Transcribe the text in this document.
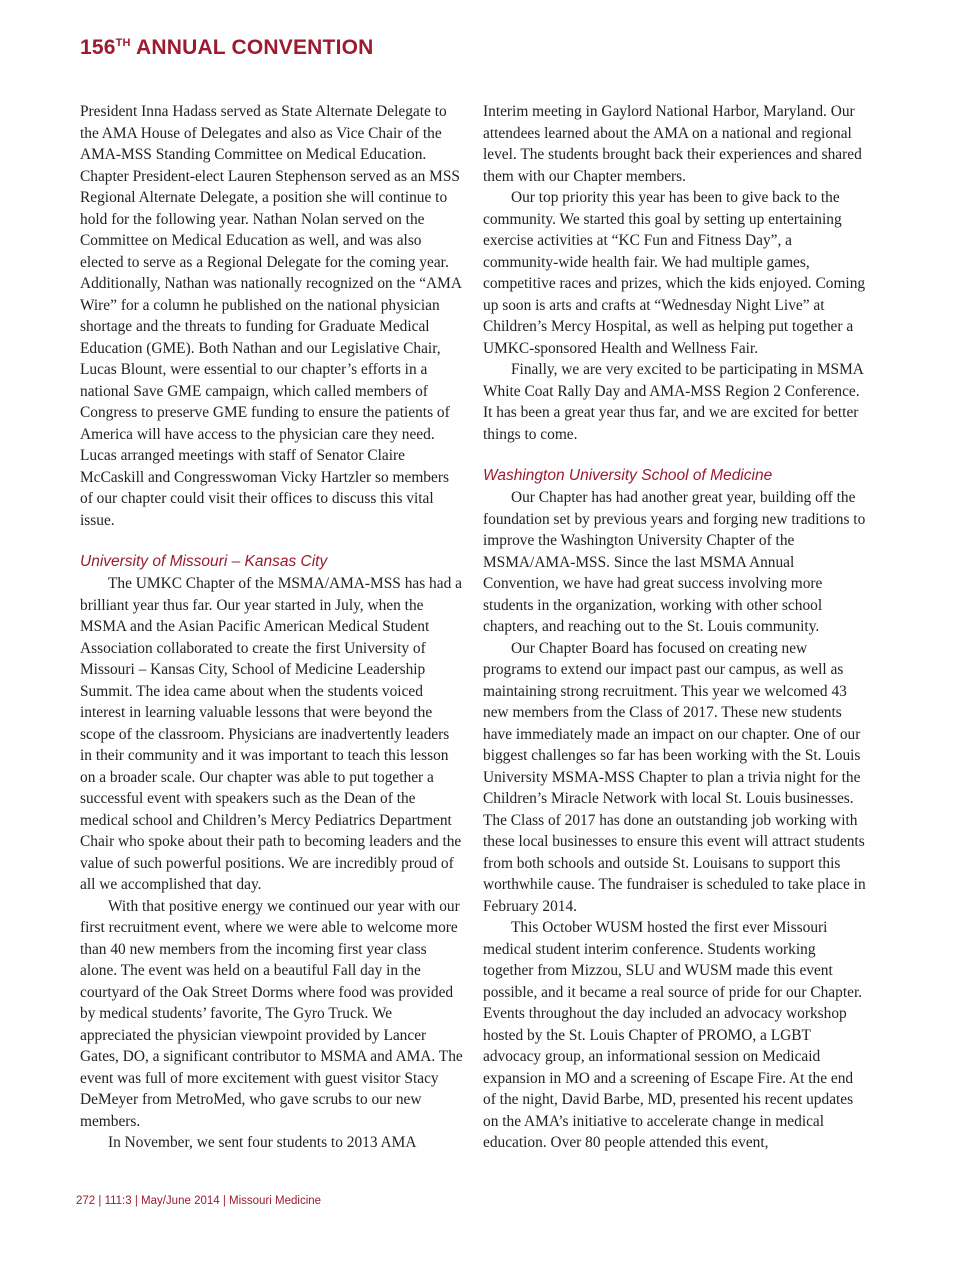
156TH ANNUAL CONVENTION

President Inna Hadass served as State Alternate Delegate to the AMA House of Delegates and also as Vice Chair of the AMA-MSS Standing Committee on Medical Education. Chapter President-elect Lauren Stephenson served as an MSS Regional Alternate Delegate, a position she will continue to hold for the following year. Nathan Nolan served on the Committee on Medical Education as well, and was also elected to serve as a Regional Delegate for the coming year. Additionally, Nathan was nationally recognized on the “AMA Wire” for a column he published on the national physician shortage and the threats to funding for Graduate Medical Education (GME). Both Nathan and our Legislative Chair, Lucas Blount, were essential to our chapter’s efforts in a national Save GME campaign, which called members of Congress to preserve GME funding to ensure the patients of America will have access to the physician care they need. Lucas arranged meetings with staff of Senator Claire McCaskill and Congresswoman Vicky Hartzler so members of our chapter could visit their offices to discuss this vital issue.

University of Missouri – Kansas City

The UMKC Chapter of the MSMA/AMA-MSS has had a brilliant year thus far. Our year started in July, when the MSMA and the Asian Pacific American Medical Student Association collaborated to create the first University of Missouri – Kansas City, School of Medicine Leadership Summit. The idea came about when the students voiced interest in learning valuable lessons that were beyond the scope of the classroom. Physicians are inadvertently leaders in their community and it was important to teach this lesson on a broader scale. Our chapter was able to put together a successful event with speakers such as the Dean of the medical school and Children’s Mercy Pediatrics Department Chair who spoke about their path to becoming leaders and the value of such powerful positions. We are incredibly proud of all we accomplished that day.

With that positive energy we continued our year with our first recruitment event, where we were able to welcome more than 40 new members from the incoming first year class alone. The event was held on a beautiful Fall day in the courtyard of the Oak Street Dorms where food was provided by medical students’ favorite, The Gyro Truck. We appreciated the physician viewpoint provided by Lancer Gates, DO, a significant contributor to MSMA and AMA. The event was full of more excitement with guest visitor Stacy DeMeyer from MetroMed, who gave scrubs to our new members.

In November, we sent four students to 2013 AMA

Interim meeting in Gaylord National Harbor, Maryland. Our attendees learned about the AMA on a national and regional level. The students brought back their experiences and shared them with our Chapter members.

Our top priority this year has been to give back to the community. We started this goal by setting up entertaining exercise activities at “KC Fun and Fitness Day”, a community-wide health fair. We had multiple games, competitive races and prizes, which the kids enjoyed. Coming up soon is arts and crafts at “Wednesday Night Live” at Children’s Mercy Hospital, as well as helping put together a UMKC-sponsored Health and Wellness Fair.

Finally, we are very excited to be participating in MSMA White Coat Rally Day and AMA-MSS Region 2 Conference. It has been a great year thus far, and we are excited for better things to come.

Washington University School of Medicine

Our Chapter has had another great year, building off the foundation set by previous years and forging new traditions to improve the Washington University Chapter of the MSMA/AMA-MSS. Since the last MSMA Annual Convention, we have had great success involving more students in the organization, working with other school chapters, and reaching out to the St. Louis community.

Our Chapter Board has focused on creating new programs to extend our impact past our campus, as well as maintaining strong recruitment. This year we welcomed 43 new members from the Class of 2017. These new students have immediately made an impact on our chapter. One of our biggest challenges so far has been working with the St. Louis University MSMA-MSS Chapter to plan a trivia night for the Children’s Miracle Network with local St. Louis businesses. The Class of 2017 has done an outstanding job working with these local businesses to ensure this event will attract students from both schools and outside St. Louisans to support this worthwhile cause. The fundraiser is scheduled to take place in February 2014.

This October WUSM hosted the first ever Missouri medical student interim conference. Students working together from Mizzou, SLU and WUSM made this event possible, and it became a real source of pride for our Chapter. Events throughout the day included an advocacy workshop hosted by the St. Louis Chapter of PROMO, a LGBT advocacy group, an informational session on Medicaid expansion in MO and a screening of Escape Fire. At the end of the night, David Barbe, MD, presented his recent updates on the AMA’s initiative to accelerate change in medical education. Over 80 people attended this event,

272 | 111:3 | May/June 2014 | Missouri Medicine
